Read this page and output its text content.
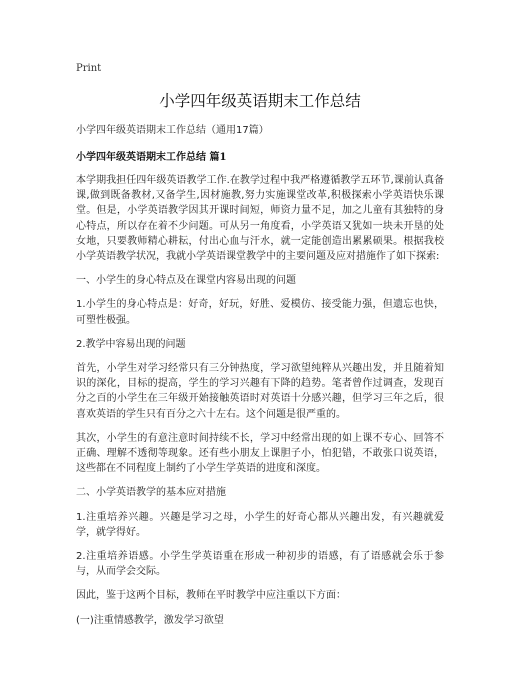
Print
小学四年级英语期末工作总结

小学四年级英语期末工作总结（通用17篇）

小学四年级英语期末工作总结 篇1

本学期我担任四年级英语教学工作.在教学过程中我严格遵循教学五环节,课前认真备课,做到既备教材,又备学生,因材施教,努力实施课堂改革,积极探索小学英语快乐课堂。但是，小学英语教学因其开课时间短，师资力量不足，加之儿童有其独特的身心特点，所以存在着不少问题。可从另一角度看，小学英语又犹如一块未开垦的处女地，只要教师精心耕耘，付出心血与汗水，就一定能创造出累累硕果。根据我校小学英语教学状况，我就小学英语课堂教学中的主要问题及应对措施作了如下探索:

一、小学生的身心特点及在课堂内容易出现的问题

1.小学生的身心特点是：好奇，好玩，好胜、爱模仿、接受能力强，但遗忘也快，可塑性极强。

2.教学中容易出现的问题

首先，小学生对学习经常只有三分钟热度，学习欲望纯粹从兴趣出发，并且随着知识的深化，目标的提高，学生的学习兴趣有下降的趋势。笔者曾作过调查，发现百分之百的小学生在三年级开始接触英语时对英语十分感兴趣，但学习三年之后，很喜欢英语的学生只有百分之六十左右。这个问题是很严重的。

其次，小学生的有意注意时间持续不长，学习中经常出现的如上课不专心、回答不正确、理解不透彻等现象。还有些小朋友上课胆子小，怕犯错，不敢张口说英语，这些都在不同程度上制约了小学生学英语的进度和深度。

二、小学英语教学的基本应对措施

1.注重培养兴趣。兴趣是学习之母，小学生的好奇心都从兴趣出发，有兴趣就爱学，就学得好。

2.注重培养语感。小学生学英语重在形成一种初步的语感，有了语感就会乐于参与，从而学会交际。

因此，鉴于这两个目标，教师在平时教学中应注重以下方面：

(一)注重情感教学，激发学习欲望
